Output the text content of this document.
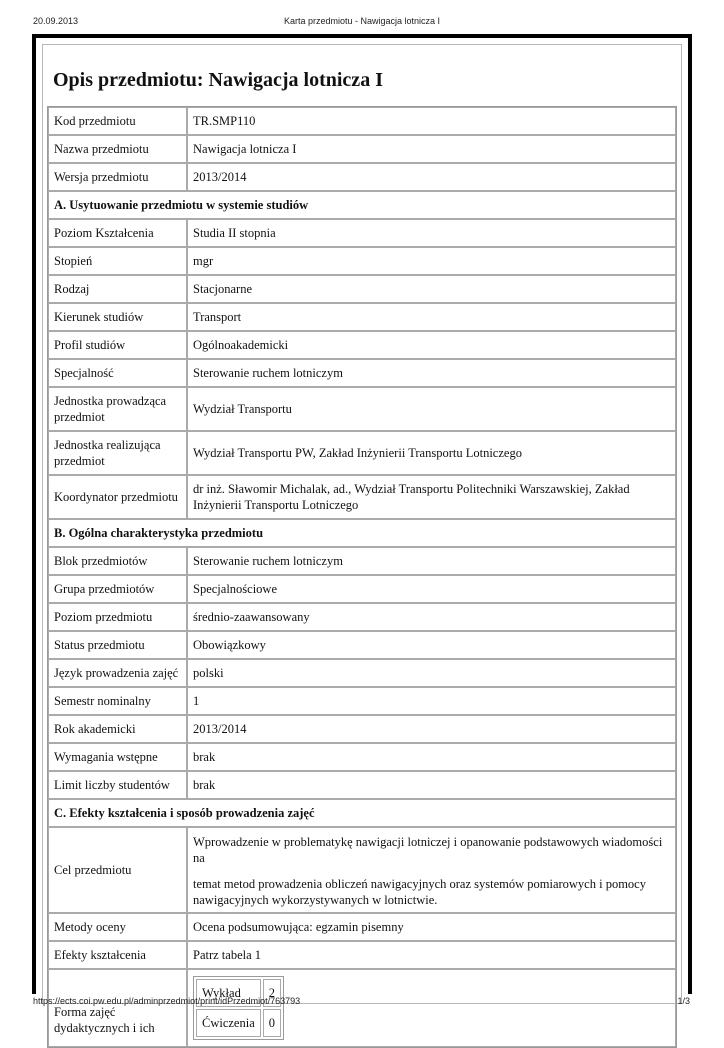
20.09.2013	Karta przedmiotu - Nawigacja lotnicza I
Opis przedmiotu: Nawigacja lotnicza I
Kod przedmiotu	TR.SMP110
Nazwa przedmiotu	Nawigacja lotnicza I
Wersja przedmiotu	2013/2014
A. Usytuowanie przedmiotu w systemie studiów
Poziom Kształcenia	Studia II stopnia
Stopień	mgr
Rodzaj	Stacjonarne
Kierunek studiów	Transport
Profil studiów	Ogólnoakademicki
Specjalność	Sterowanie ruchem lotniczym
Jednostka prowadząca przedmiot	Wydział Transportu
Jednostka realizująca przedmiot	Wydział Transportu PW, Zakład Inżynierii Transportu Lotniczego
Koordynator przedmiotu	dr inż. Sławomir Michalak, ad., Wydział Transportu Politechniki Warszawskiej, Zakład Inżynierii Transportu Lotniczego
B. Ogólna charakterystyka przedmiotu
Blok przedmiotów	Sterowanie ruchem lotniczym
Grupa przedmiotów	Specjalnościowe
Poziom przedmiotu	średnio-zaawansowany
Status przedmiotu	Obowiązkowy
Język prowadzenia zajęć	polski
Semestr nominalny	1
Rok akademicki	2013/2014
Wymagania wstępne	brak
Limit liczby studentów	brak
C. Efekty kształcenia i sposób prowadzenia zajęć
Cel przedmiotu	
Wprowadzenie w problematykę nawigacji lotniczej i opanowanie podstawowych wiadomości na
temat metod prowadzenia obliczeń nawigacyjnych oraz systemów pomiarowych i pomocy nawigacyjnych wykorzystywanych w lotnictwie.

Metody oceny	Ocena podsumowująca: egzamin pisemny
Efekty kształcenia	Patrz tabela 1
Forma zajęć dydaktycznych i ich	
Wykład	2
Ćwiczenia	0
https://ects.coi.pw.edu.pl/adminprzedmiot/print/idPrzedmiot/763793	1/3
